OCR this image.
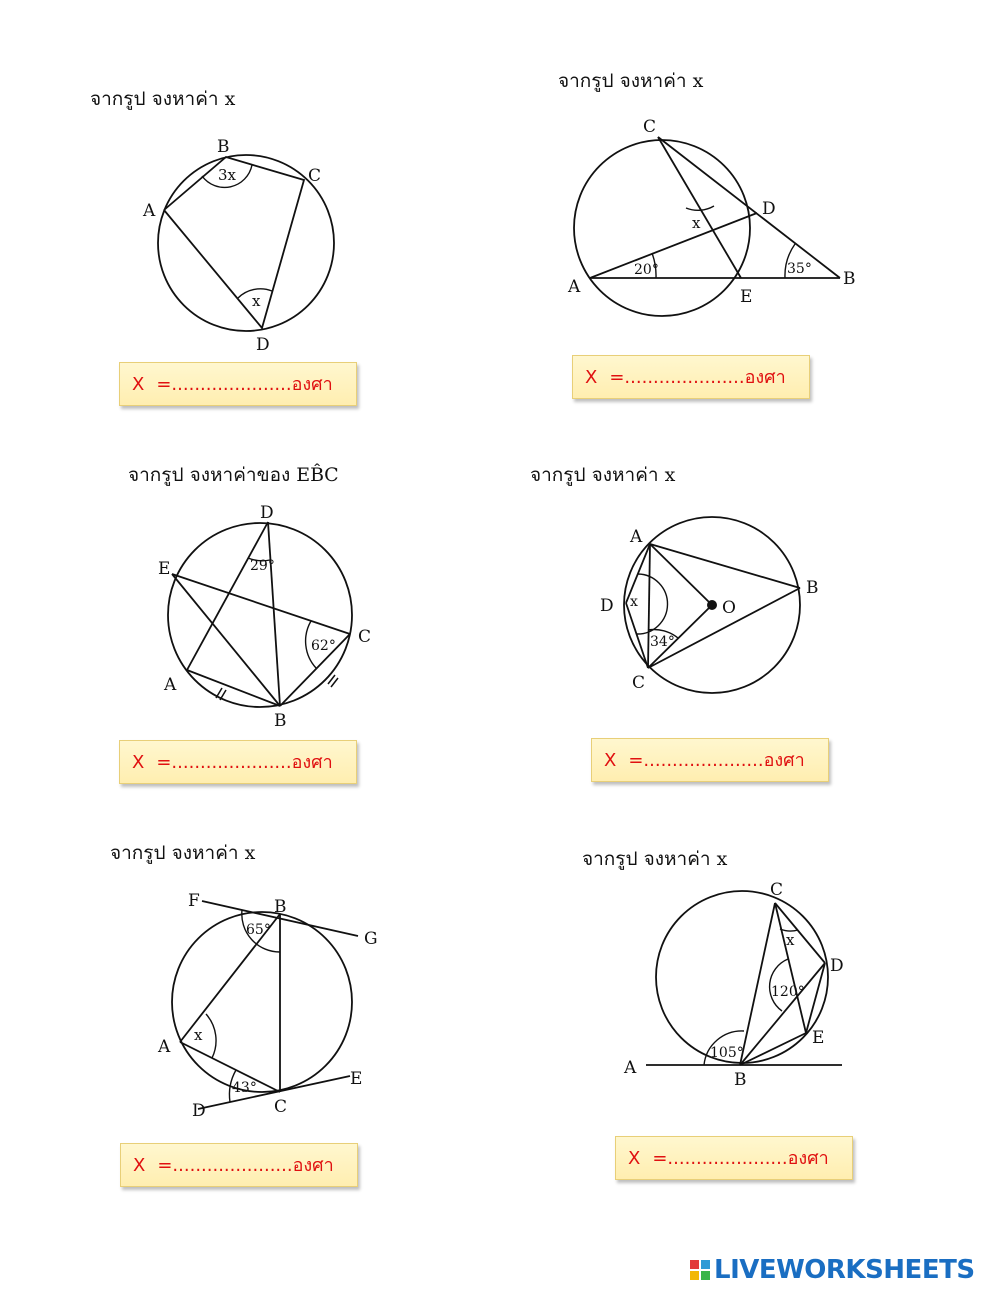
จากรูป จงหาค่า x
A
B
C
D
3x
x
X =.....................องศา
จากรูป จงหาค่า x
A	B
C
D
E
20°	35°
x
X =.....................องศา
จากรูป จงหาค่าของ EB̂C
A
B
C
D
E	29°
62°
X =.....................องศา
จากรูป จงหาค่า x
A
B
C
D	O
x
34°
X =.....................องศา
จากรูป จงหาค่า x
A
B
C
D
E
F
G
65°
x
43°
X =.....................องศา
จากรูป จงหาค่า x
A
B
C
D
E
105°
120°
x
X =.....................องศา
LIVEWORKSHEETS
